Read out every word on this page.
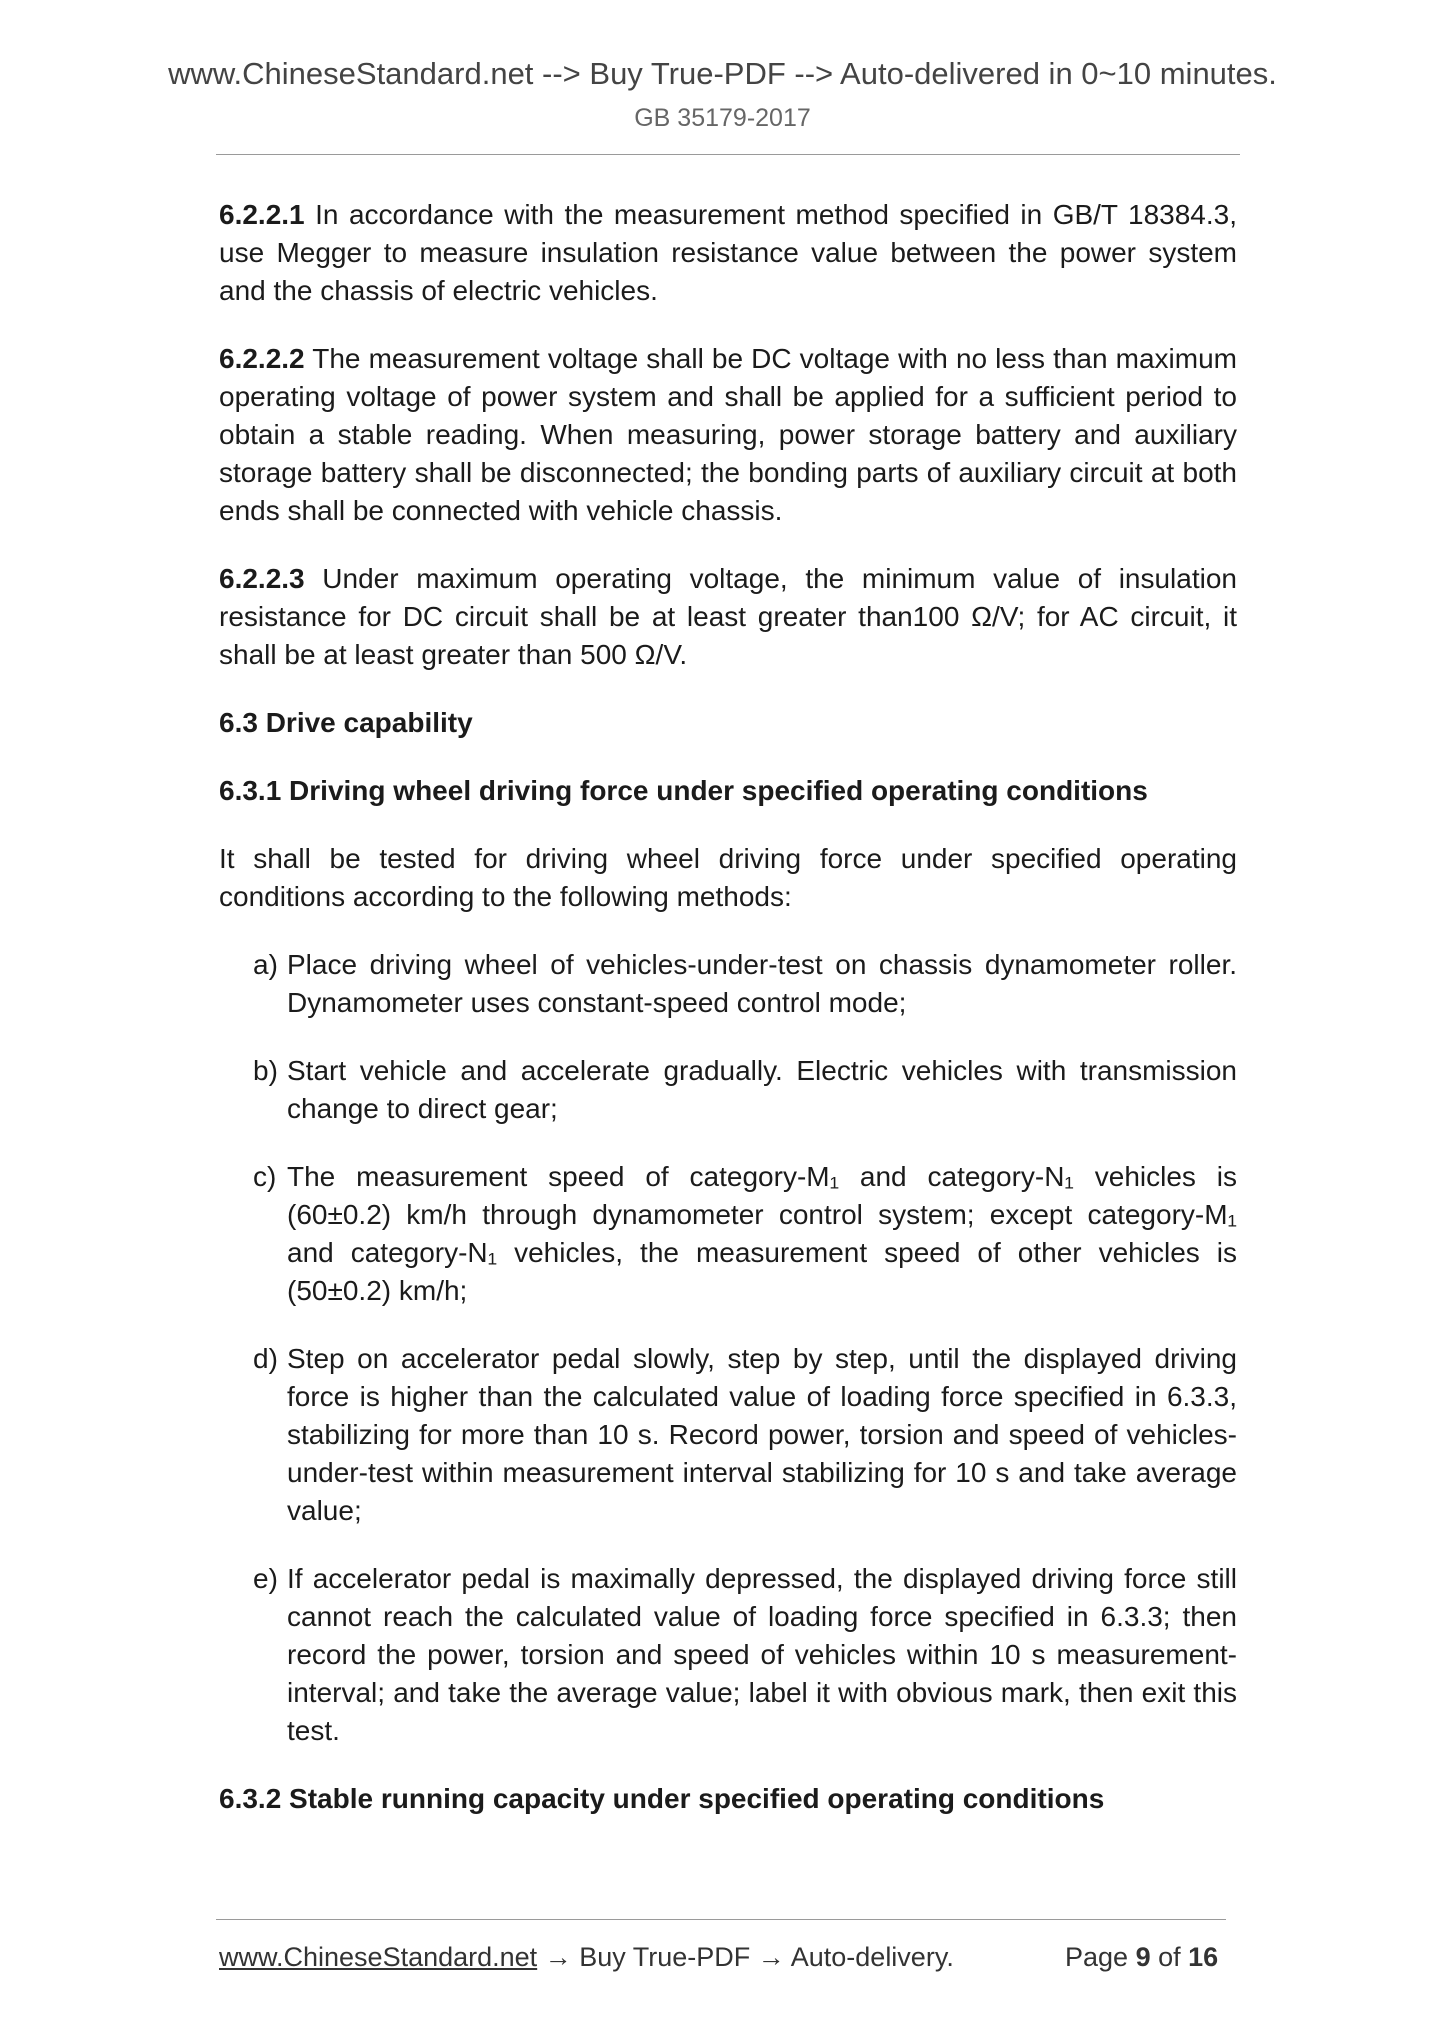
www.ChineseStandard.net --> Buy True-PDF --> Auto-delivered in 0~10 minutes.
GB 35179-2017

6.2.2.1 In accordance with the measurement method specified in GB/T 18384.3, use Megger to measure insulation resistance value between the power system and the chassis of electric vehicles.

6.2.2.2 The measurement voltage shall be DC voltage with no less than maximum operating voltage of power system and shall be applied for a sufficient period to obtain a stable reading. When measuring, power storage battery and auxiliary storage battery shall be disconnected; the bonding parts of auxiliary circuit at both ends shall be connected with vehicle chassis.

6.2.2.3 Under maximum operating voltage, the minimum value of insulation resistance for DC circuit shall be at least greater than100 Ω/V; for AC circuit, it shall be at least greater than 500 Ω/V.

6.3 Drive capability

6.3.1 Driving wheel driving force under specified operating conditions

It shall be tested for driving wheel driving force under specified operating conditions according to the following methods:

a) Place driving wheel of vehicles-under-test on chassis dynamometer roller. Dynamometer uses constant-speed control mode;
b) Start vehicle and accelerate gradually. Electric vehicles with transmission change to direct gear;
c) The measurement speed of category-M₁ and category-N₁ vehicles is (60±0.2) km/h through dynamometer control system; except category-M₁ and category-N₁ vehicles, the measurement speed of other vehicles is (50±0.2) km/h;
d) Step on accelerator pedal slowly, step by step, until the displayed driving force is higher than the calculated value of loading force specified in 6.3.3, stabilizing for more than 10 s. Record power, torsion and speed of vehicles-under-test within measurement interval stabilizing for 10 s and take average value;
e) If accelerator pedal is maximally depressed, the displayed driving force still cannot reach the calculated value of loading force specified in 6.3.3; then record the power, torsion and speed of vehicles within 10 s measurement-interval; and take the average value; label it with obvious mark, then exit this test.

6.3.2 Stable running capacity under specified operating conditions

www.ChineseStandard.net → Buy True-PDF → Auto-delivery.	Page 9 of 16
